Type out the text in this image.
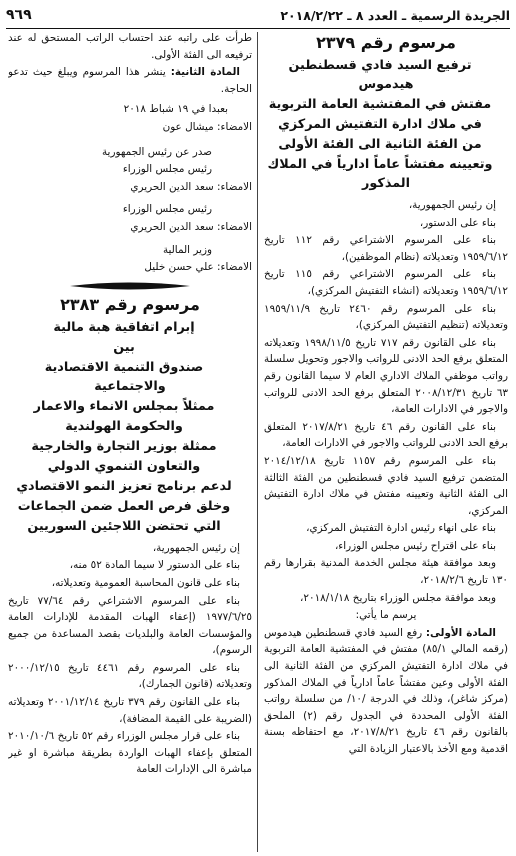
الجريدة الرسمية ـ العدد ٨ ـ ٢٠١٨/٢/٢٢
٩٦٩
مرسوم رقم ٢٣٧٩

ترفيع السيد فادي قسطنطين هيدموس

مفتش في المفتشية العامة التربوية

في ملاك ادارة التفتيش المركزي

من الفئة الثانية الى الفئة الأولى

وتعيينه مفتشاً عاماً ادارياً في الملاك المذكور

إن رئيس الجمهورية،

بناء على الدستور،

بناء على المرسوم الاشتراعي رقم ١١٢ تاريخ ١٩٥٩/٦/١٢ وتعديلاته (نظام الموظفين)،

بناء على المرسوم الاشتراعي رقم ١١٥ تاريخ ١٩٥٩/٦/١٢ وتعديلاته (انشاء التفتيش المركزي)،

بناء على المرسوم رقم ٢٤٦٠ تاريخ ١٩٥٩/١١/٩ وتعديلاته (تنظيم التفتيش المركزي)،

بناء على القانون رقم ٧١٧ تاريخ ١٩٩٨/١١/٥ وتعديلاته المتعلق برفع الحد الادنى للرواتب والاجور وتحويل سلسلة رواتب موظفي الملاك الاداري العام لا سيما القانون رقم ٦٣ تاريخ ٢٠٠٨/١٢/٣١ المتعلق برفع الحد الادنى للرواتب والاجور في الادارات العامة،

بناء على القانون رقم ٤٦ تاريخ ٢٠١٧/٨/٢١ المتعلق برفع الحد الادنى للرواتب والاجور في الادارات العامة،

بناء على المرسوم رقم ١١٥٧ تاريخ ٢٠١٤/١٢/١٨ المتضمن ترفيع السيد فادي قسطنطين من الفئة الثالثة الى الفئة الثانية وتعيينه مفتش في ملاك ادارة التفتيش المركزي،

بناء على انهاء رئيس ادارة التفتيش المركزي،

بناء على اقتراح رئيس مجلس الوزراء،

وبعد موافقة هيئة مجلس الخدمة المدنية بقرارها رقم ١٣٠ تاريخ ٢٠١٨/٢/٦،

وبعد موافقة مجلس الوزراء بتاريخ ٢٠١٨/١/١٨،

يرسم ما يأتي:

المادة الأولى: رفع السيد فادي قسطنطين هيدموس (رقمه المالي ٨٥/١) مفتش في المفتشية العامة التربوية في ملاك ادارة التفتيش المركزي من الفئة الثانية الى الفئة الأولى وعين مفتشاً عاماً ادارياً في الملاك المذكور (مركز شاغر)، وذلك في الدرجة /١٠/ من سلسلة رواتب الفئة الأولى المحددة في الجدول رقم (٢) الملحق بالقانون رقم ٤٦ تاريخ ٢٠١٧/٨/٢١، مع احتفاظه بسنة اقدمية ومع الأخذ بالاعتبار الزيادة التي

طرأت على راتبه عند احتساب الراتب المستحق له عند ترفيعه الى الفئة الأولى.

المادة الثانية: ينشر هذا المرسوم ويبلغ حيث تدعو الحاجة.

بعبدا في ١٩ شباط ٢٠١٨

الامضاء: ميشال عون

صدر عن رئيس الجمهورية

رئيس مجلس الوزراء

الامضاء: سعد الدين الحريري

رئيس مجلس الوزراء

الامضاء: سعد الدين الحريري

وزير المالية

الامضاء: علي حسن خليل

مرسوم رقم ٢٣٨٣

إبرام اتفاقية هبة مالية

بين

صندوق التنمية الاقتصادية والاجتماعية

ممثلاً بمجلس الانماء والاعمار

والحكومة الهولندية

ممثلة بوزير التجارة والخارجية

والتعاون التنموي الدولي

لدعم برنامج تعزيز النمو الاقتصادي

وخلق فرص العمل ضمن الجماعات

التي تحتضن اللاجئين السوريين

إن رئيس الجمهورية،

بناء على الدستور لا سيما المادة ٥٢ منه،

بناء على قانون المحاسبة العمومية وتعديلاته،

بناء على المرسوم الاشتراعي رقم ٧٧/٦٤ تاريخ ١٩٧٧/٦/٢٥ (إعفاء الهبات المقدمة للإدارات العامة والمؤسسات العامة والبلديات بقصد المساعدة من جميع الرسوم)،

بناء على المرسوم رقم ٤٤٦١ تاريخ ٢٠٠٠/١٢/١٥ وتعديلاته (قانون الجمارك)،

بناء على القانون رقم ٣٧٩ تاريخ ٢٠٠١/١٢/١٤ وتعديلاته (الضريبة على القيمة المضافة)،

بناء على قرار مجلس الوزراء رقم ٥٢ تاريخ ٢٠١٠/١٠/٦ المتعلق بإعفاء الهبات الواردة بطريقة مباشرة او غير مباشرة الى الإدارات العامة
